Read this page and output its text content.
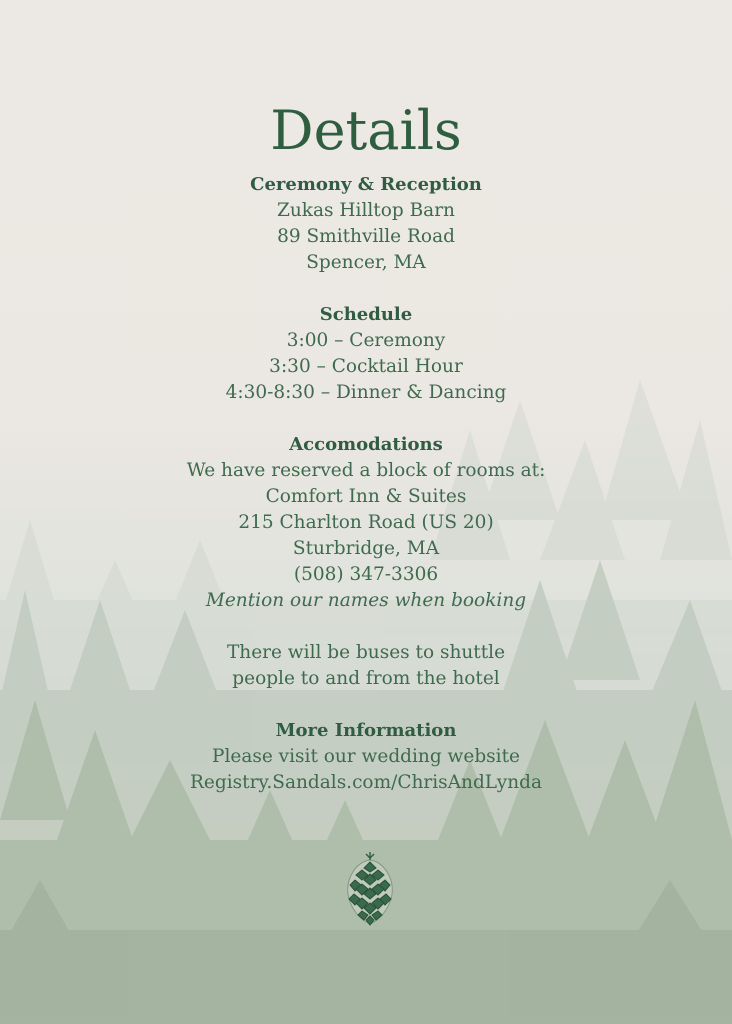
Details
Ceremony & Reception
Zukas Hilltop Barn
89 Smithville Road
Spencer, MA
Schedule
3:00 – Ceremony
3:30 – Cocktail Hour
4:30-8:30 – Dinner & Dancing
Accomodations
We have reserved a block of rooms at:
Comfort Inn & Suites
215 Charlton Road (US 20)
Sturbridge, MA
(508) 347-3306
Mention our names when booking
There will be buses to shuttle
people to and from the hotel
More Information
Please visit our wedding website
Registry.Sandals.com/ChrisAndLynda
